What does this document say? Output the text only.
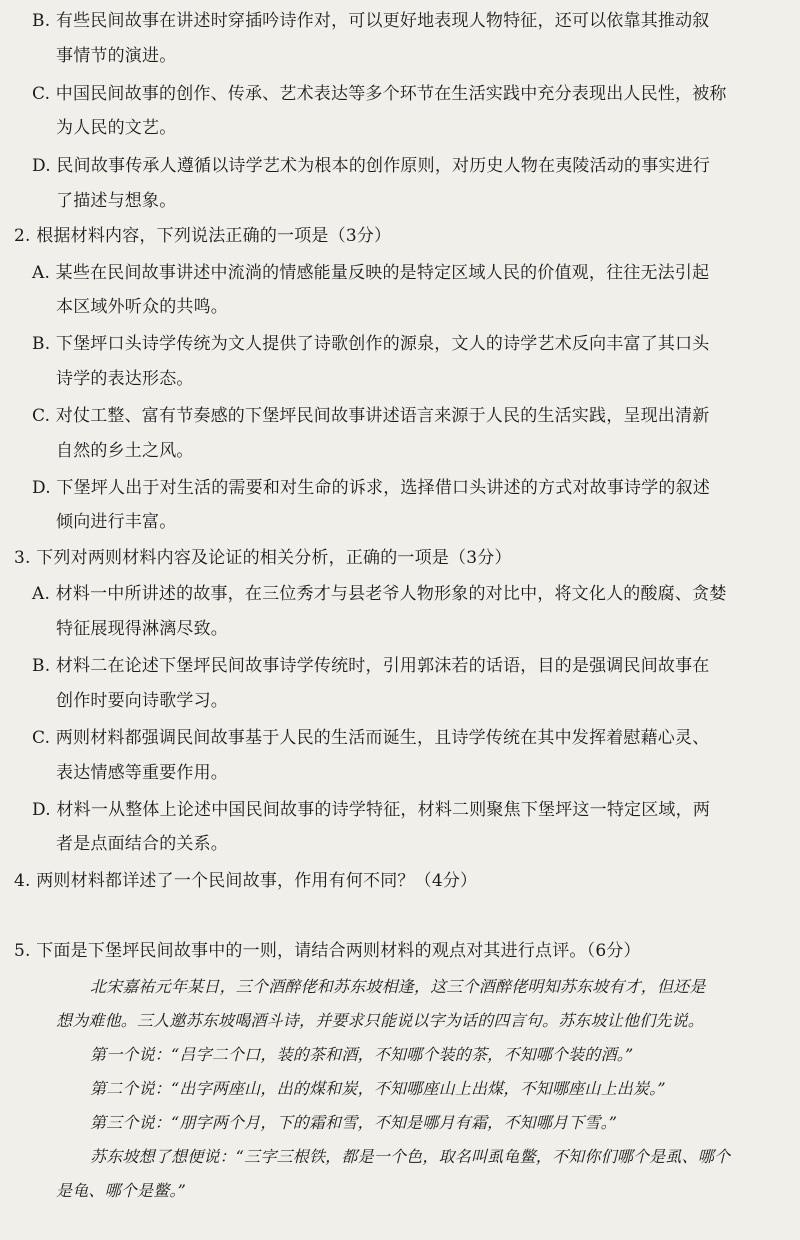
B. 有些民间故事在讲述时穿插吟诗作对，可以更好地表现人物特征，还可以依靠其推动叙
事情节的演进。
C. 中国民间故事的创作、传承、艺术表达等多个环节在生活实践中充分表现出人民性，被称
为人民的文艺。
D. 民间故事传承人遵循以诗学艺术为根本的创作原则，对历史人物在夷陵活动的事实进行
了描述与想象。
2. 根据材料内容，下列说法正确的一项是（3分）
A. 某些在民间故事讲述中流淌的情感能量反映的是特定区域人民的价值观，往往无法引起
本区域外听众的共鸣。
B. 下堡坪口头诗学传统为文人提供了诗歌创作的源泉，文人的诗学艺术反向丰富了其口头
诗学的表达形态。
C. 对仗工整、富有节奏感的下堡坪民间故事讲述语言来源于人民的生活实践，呈现出清新
自然的乡土之风。
D. 下堡坪人出于对生活的需要和对生命的诉求，选择借口头讲述的方式对故事诗学的叙述
倾向进行丰富。
3. 下列对两则材料内容及论证的相关分析，正确的一项是（3分）
A. 材料一中所讲述的故事，在三位秀才与县老爷人物形象的对比中，将文化人的酸腐、贪婪
特征展现得淋漓尽致。
B. 材料二在论述下堡坪民间故事诗学传统时，引用郭沫若的话语，目的是强调民间故事在
创作时要向诗歌学习。
C. 两则材料都强调民间故事基于人民的生活而诞生，且诗学传统在其中发挥着慰藉心灵、
表达情感等重要作用。
D. 材料一从整体上论述中国民间故事的诗学特征，材料二则聚焦下堡坪这一特定区域，两
者是点面结合的关系。
4. 两则材料都详述了一个民间故事，作用有何不同？（4分）
5. 下面是下堡坪民间故事中的一则，请结合两则材料的观点对其进行点评。（6分）
北宋嘉祐元年某日，三个酒醉佬和苏东坡相逢，这三个酒醉佬明知苏东坡有才，但还是
想为难他。三人邀苏东坡喝酒斗诗，并要求只能说以字为话的四言句。苏东坡让他们先说。
第一个说：“吕字二个口，装的茶和酒，不知哪个装的茶，不知哪个装的酒。”
第二个说：“出字两座山，出的煤和炭，不知哪座山上出煤，不知哪座山上出炭。”
第三个说：“朋字两个月，下的霜和雪，不知是哪月有霜，不知哪月下雪。”
苏东坡想了想便说：“三字三根铁，都是一个色，取名叫虱龟鳖，不知你们哪个是虱、哪个
是龟、哪个是鳖。”
